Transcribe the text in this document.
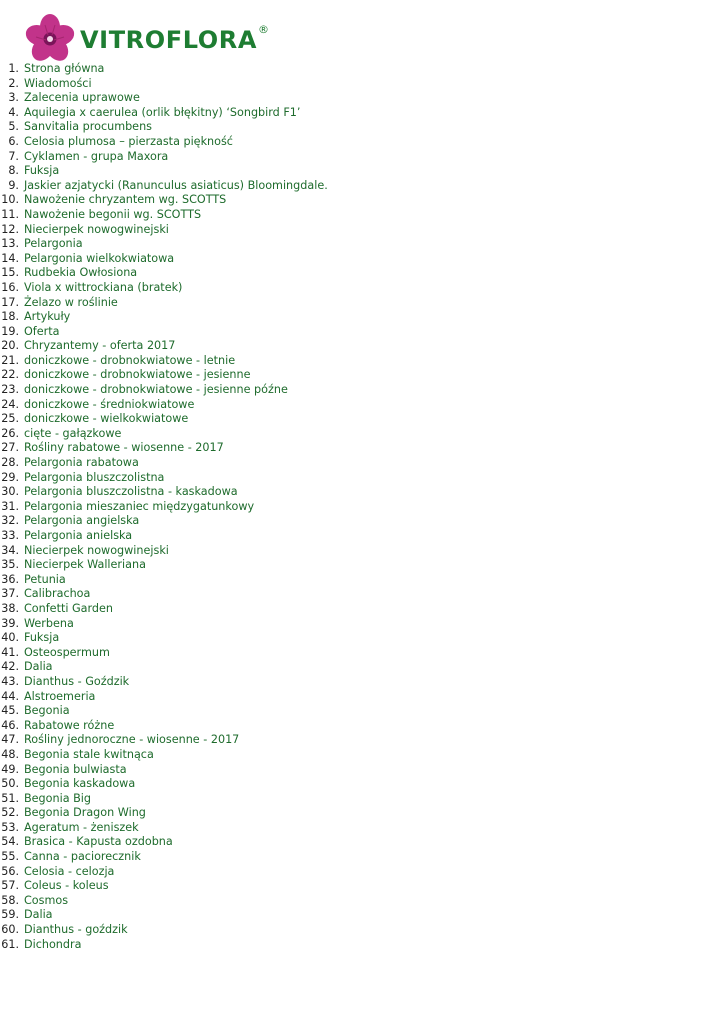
VITROFLORA ®
1. Strona główna
2. Wiadomości
3. Zalecenia uprawowe
4. Aquilegia x caerulea (orlik błękitny) ‘Songbird F1’
5. Sanvitalia procumbens
6. Celosia plumosa – pierzasta piękność
7. Cyklamen - grupa Maxora
8. Fuksja
9. Jaskier azjatycki (Ranunculus asiaticus) Bloomingdale.
10. Nawożenie chryzantem wg. SCOTTS
11. Nawożenie begonii wg. SCOTTS
12. Niecierpek nowogwinejski
13. Pelargonia
14. Pelargonia wielkokwiatowa
15. Rudbekia Owłosiona
16. Viola x wittrockiana (bratek)
17. Żelazo w roślinie
18. Artykuły
19. Oferta
20. Chryzantemy - oferta 2017
21. doniczkowe - drobnokwiatowe - letnie
22. doniczkowe - drobnokwiatowe - jesienne
23. doniczkowe - drobnokwiatowe - jesienne późne
24. doniczkowe - średniokwiatowe
25. doniczkowe - wielkokwiatowe
26. cięte - gałązkowe
27. Rośliny rabatowe - wiosenne - 2017
28. Pelargonia rabatowa
29. Pelargonia bluszczolistna
30. Pelargonia bluszczolistna - kaskadowa
31. Pelargonia mieszaniec międzygatunkowy
32. Pelargonia angielska
33. Pelargonia anielska
34. Niecierpek nowogwinejski
35. Niecierpek Walleriana
36. Petunia
37. Calibrachoa
38. Confetti Garden
39. Werbena
40. Fuksja
41. Osteospermum
42. Dalia
43. Dianthus - Goździk
44. Alstroemeria
45. Begonia
46. Rabatowe różne
47. Rośliny jednoroczne - wiosenne - 2017
48. Begonia stale kwitnąca
49. Begonia bulwiasta
50. Begonia kaskadowa
51. Begonia Big
52. Begonia Dragon Wing
53. Ageratum - żeniszek
54. Brasica - Kapusta ozdobna
55. Canna - paciorecznik
56. Celosia - celozja
57. Coleus - koleus
58. Cosmos
59. Dalia
60. Dianthus - goździk
61. Dichondra
